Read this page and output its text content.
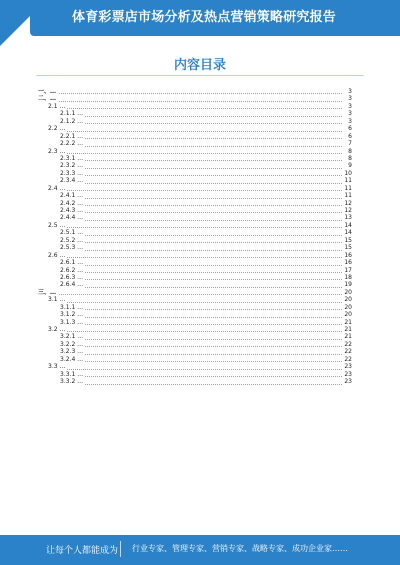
体育彩票店市场分析及热点营销策略研究报告
内容目录
一、…	3
二、…	3
2.1 …	3
2.1.1 …	3
2.1.2 …	3
2.2 …	6
2.2.1 …	6
2.2.2 …	7
2.3 …	8
2.3.1 …	8
2.3.2 …	9
2.3.3 …	10
2.3.4 …	11
2.4 …	11
2.4.1 …	11
2.4.2 …	12
2.4.3 …	12
2.4.4 …	13
2.5 …	14
2.5.1 …	14
2.5.2 …	15
2.5.3 …	15
2.6 …	16
2.6.1 …	16
2.6.2 …	17
2.6.3 …	18
2.6.4 …	19
三、…	20
3.1 …	20
3.1.1 …	20
3.1.2 …	20
3.1.3 …	21
3.2 …	21
3.2.1 …	21
3.2.2 …	22
3.2.3 …	22
3.2.4 …	22
3.3 …	23
3.3.1 …	23
3.3.2 …	23
让每个人都能成为 行业专家、管理专家、营销专家、战略专家、成功企业家……
